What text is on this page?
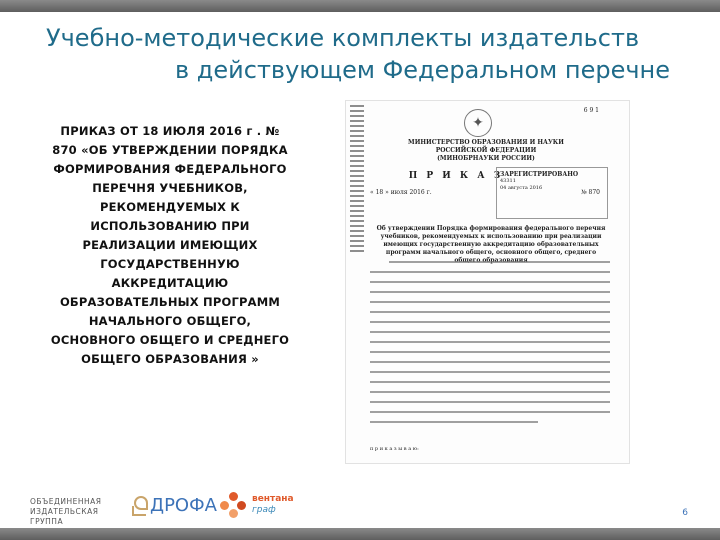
Учебно-методические комплекты издательств
в действующем Федеральном перечне
ПРИКАЗ ОТ 18 ИЮЛЯ 2016 г . № 870 «ОБ УТВЕРЖДЕНИИ ПОРЯДКА ФОРМИРОВАНИЯ ФЕДЕРАЛЬНОГО ПЕРЕЧНЯ УЧЕБНИКОВ, РЕКОМЕНДУЕМЫХ К ИСПОЛЬЗОВАНИЮ ПРИ РЕАЛИЗАЦИИ ИМЕЮЩИХ ГОСУДАРСТВЕННУЮ АККРЕДИТАЦИЮ ОБРАЗОВАТЕЛЬНЫХ ПРОГРАММ НАЧАЛЬНОГО ОБЩЕГО, ОСНОВНОГО ОБЩЕГО И СРЕДНЕГО ОБЩЕГО ОБРАЗОВАНИЯ »
6 9 1
✦
МИНИСТЕРСТВО ОБРАЗОВАНИЯ И НАУКИ РОССИЙСКОЙ ФЕДЕРАЦИИ (МИНОБРНАУКИ РОССИИ)
П Р И К А З
ЗАРЕГИСТРИРОВАНО
43311
04 августа 2016
« 18 » июля 2016 г.	№ 870
Об утверждении Порядка формирования федерального перечня учебников, рекомендуемых к использованию при реализации имеющих государственную аккредитацию образовательных программ начального общего, основного общего, среднего
п р и к а з ы в а ю:
ОБЪЕДИНЕННАЯ ИЗДАТЕЛЬСКАЯ ГРУППА
ДРОФА	вентана
граф	6
